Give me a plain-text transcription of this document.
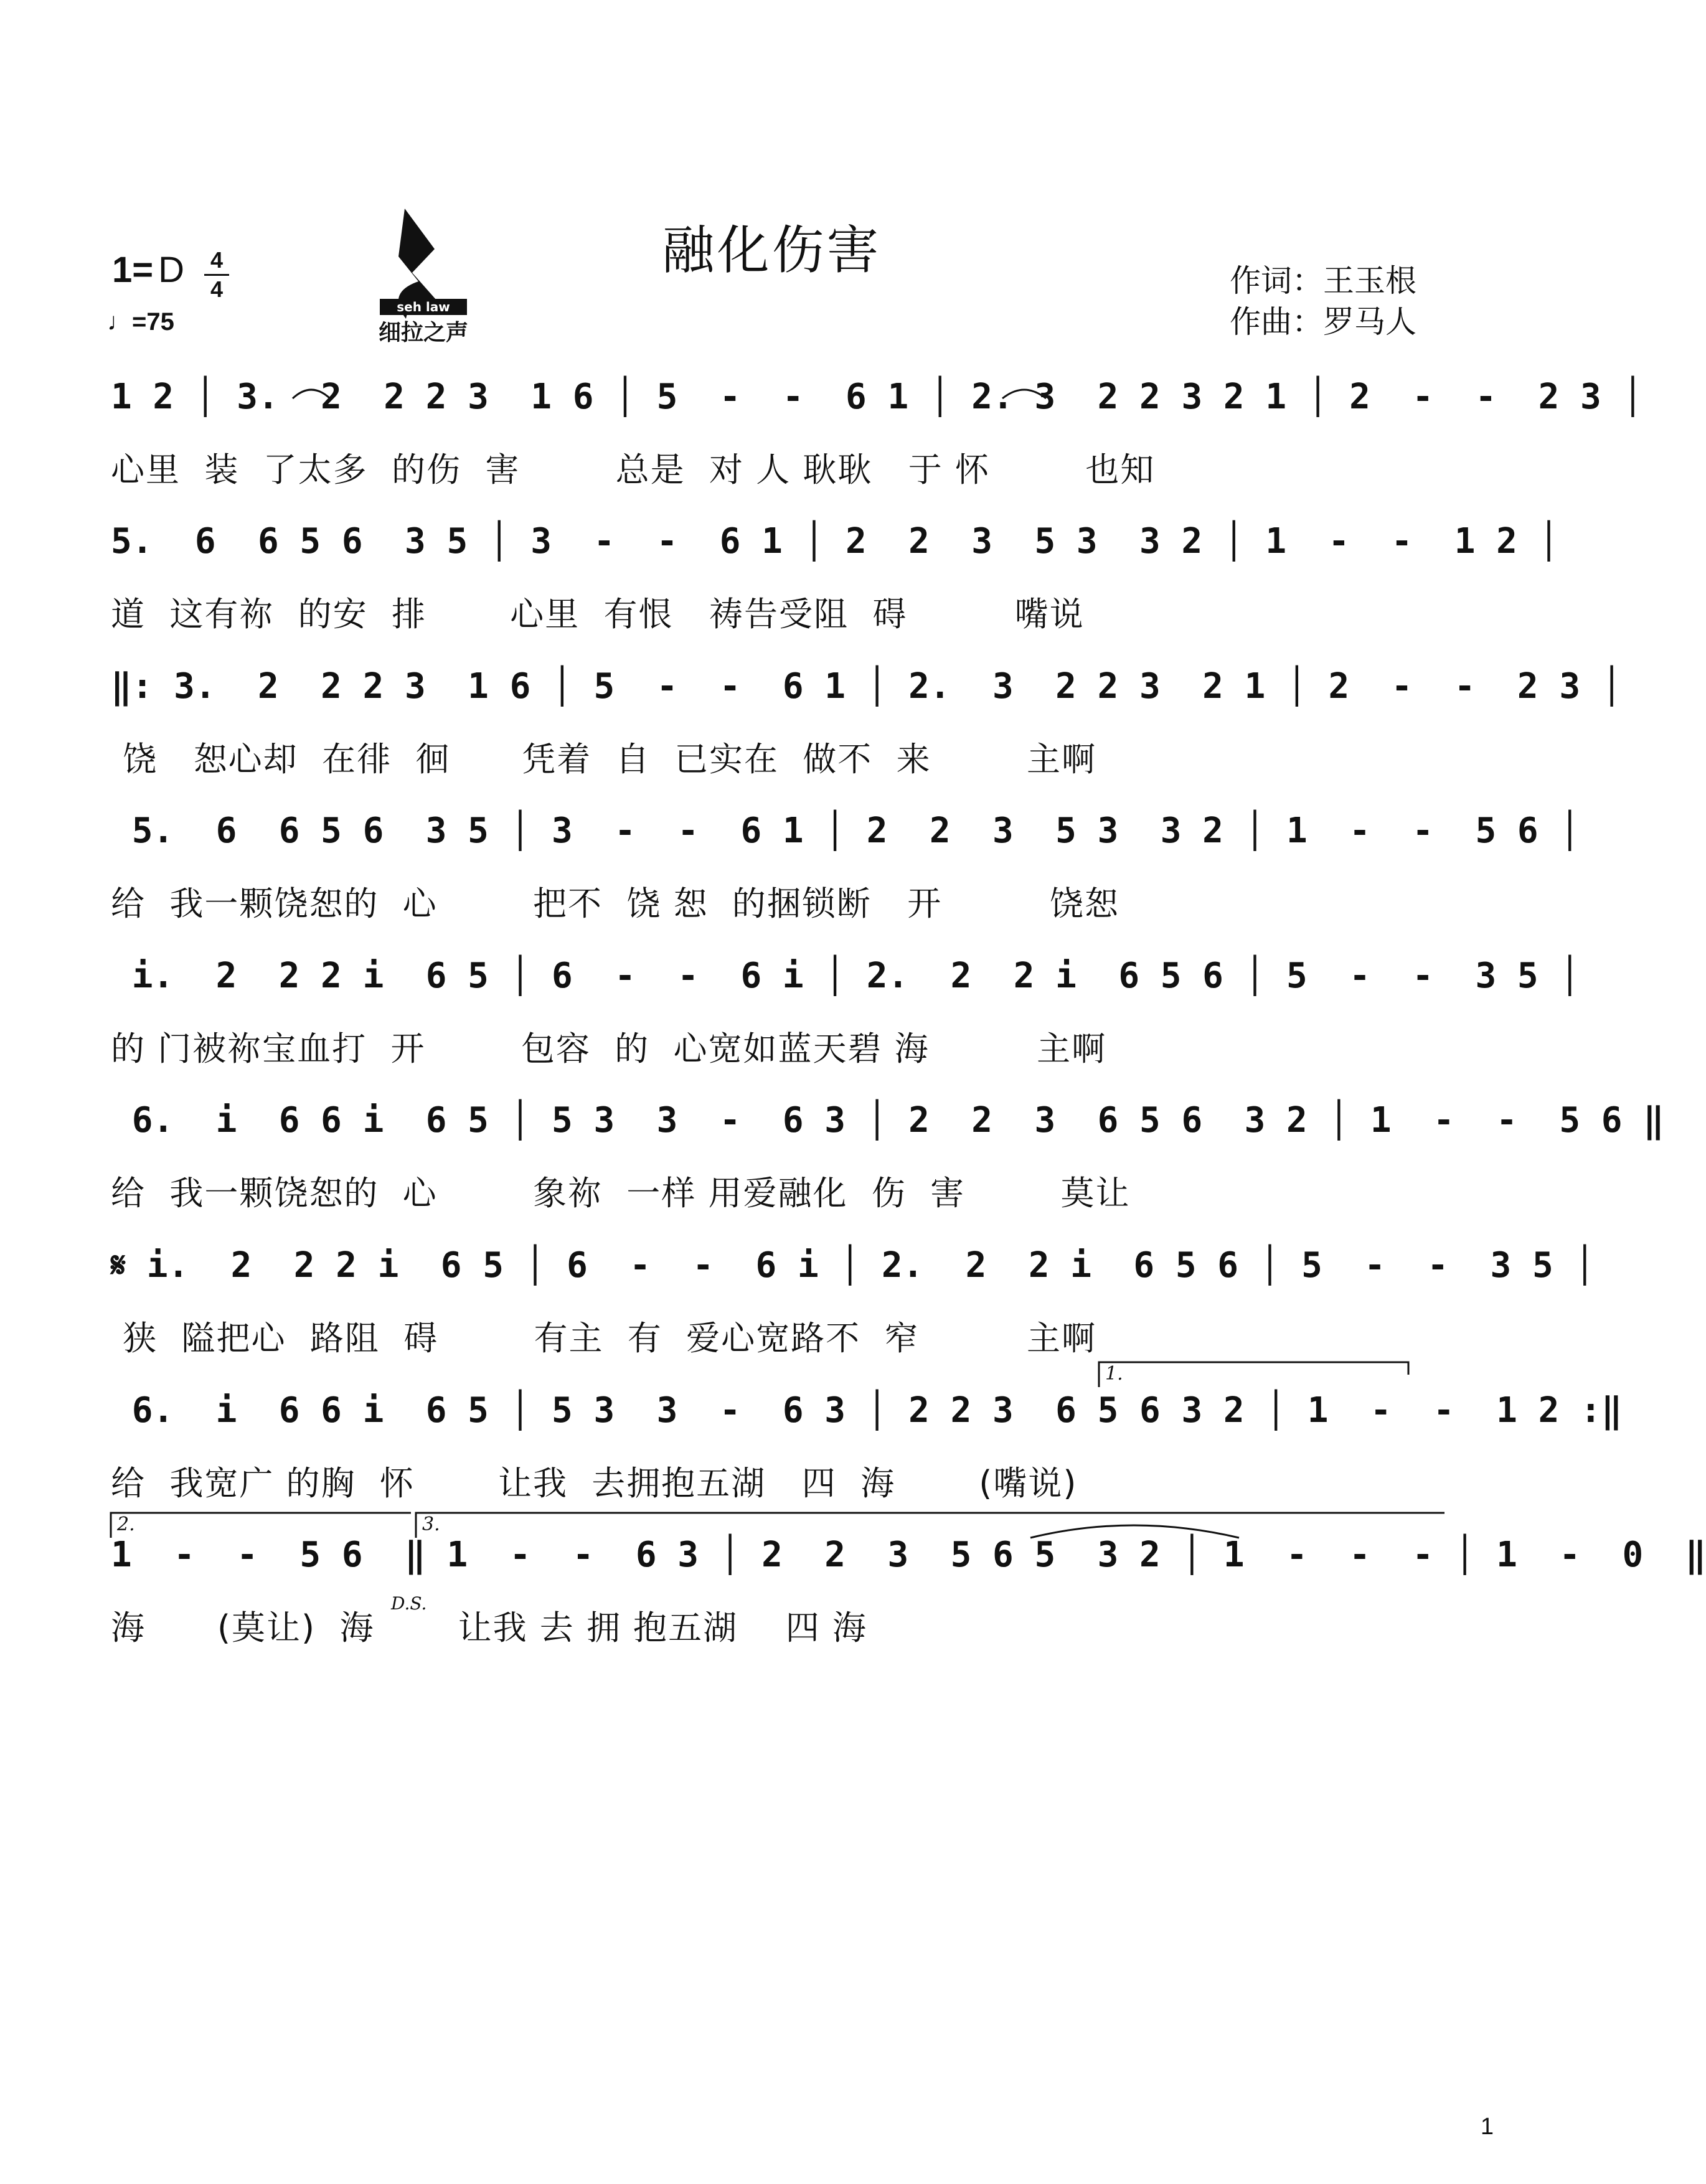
融化伤害
1= D 4
4
♩=75
seh law
细拉之声
作词：王玉根
作曲：罗马人
1 2 │ 3.  2  2 2 3  1 6 │ 5  -  -  6 1 │ 2. 3  2 2 3 2 1 │ 2  -  -  2 3 │
心里  装  了太多  的伤  害        总是  对 人 耿耿   于 怀        也知
5.  6  6 5 6  3 5 │ 3  -  -  6 1 │ 2  2  3  5 3  3 2 │ 1  -  -  1 2 │
道  这有祢  的安  排       心里  有恨   祷告受阻  碍         嘴说
‖: 3.  2  2 2 3  1 6 │ 5  -  -  6 1 │ 2.  3  2 2 3  2 1 │ 2  -  -  2 3 │
饶   恕心却  在徘  徊      凭着  自  已实在  做不  来        主啊
5.  6  6 5 6  3 5 │ 3  -  -  6 1 │ 2  2  3  5 3  3 2 │ 1  -  -  5 6 │
给  我一颗饶恕的  心        把不  饶 恕  的捆锁断   开         饶恕
i.  2  2 2 i  6 5 │ 6  -  -  6 i │ 2.  2  2 i  6 5 6 │ 5  -  -  3 5 │
的 门被祢宝血打  开        包容  的  心宽如蓝天碧 海         主啊
6.  i  6 6 i  6 5 │ 5 3  3  -  6 3 │ 2  2  3  6 5 6  3 2 │ 1  -  -  5 6 ‖
给  我一颗饶恕的  心        象祢  一样 用爱融化  伤  害        莫让
𝄋 i.  2  2 2 i  6 5 │ 6  -  -  6 i │ 2.  2  2 i  6 5 6 │ 5  -  -  3 5 │
狭  隘把心  路阻  碍        有主  有  爱心宽路不  窄         主啊
6.  i  6 6 i  6 5 │ 5 3  3  -  6 3 │ 2 2 3  6 5 6 3 2 │ 1  -  -  1 2 :‖
给  我宽广 的胸  怀       让我  去拥抱五湖   四  海       (嘴说)
1  -  -  5 6  ‖ 1  -  -  6 3 │ 2  2  3  5 6 5  3 2 │ 1  -  -  - │ 1  -  0  ‖
海      (莫让)  海       让我 去 拥 抱五湖    四 海
1.
2.	3.
D.S.
1
